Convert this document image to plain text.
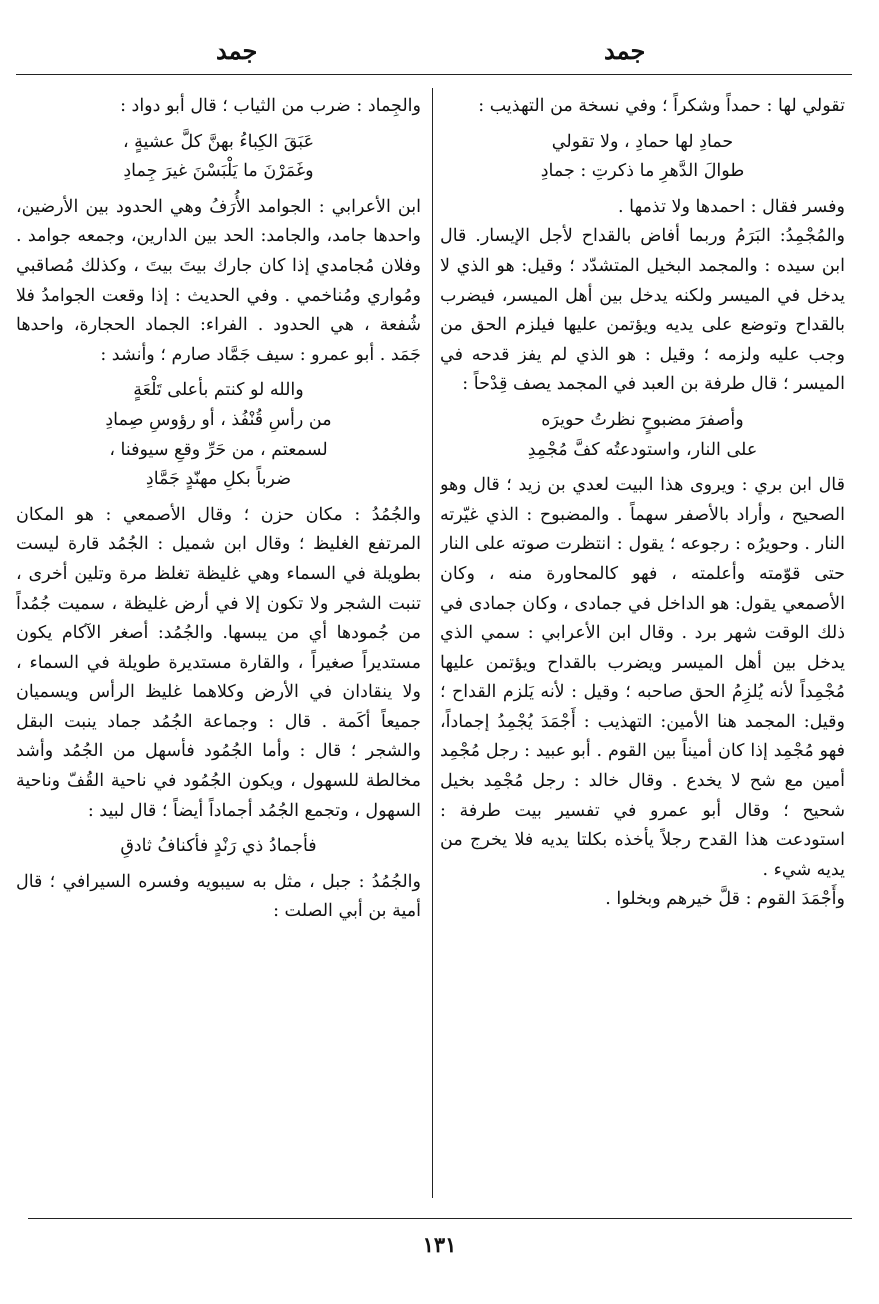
جمد
جمد

تقولي لها : حمداً وشكراً ؛ وفي نسخة من التهذيب :

حمادِ لها حمادِ ، ولا تقولي
طوالَ الدَّهرِ ما ذكرتِ : جمادِ

وفسر فقال : احمدها ولا تذمها .

والمُجْمِدُ: البَرَمُ وربما أفاض بالقداح لأجل الإيسار. قال ابن سيده : والمجمد البخيل المتشدّد ؛ وقيل: هو الذي لا يدخل في الميسر ولكنه يدخل بين أهل الميسر، فيضرب بالقداح وتوضع على يديه ويؤتمن عليها فيلزم الحق من وجب عليه ولزمه ؛ وقيل : هو الذي لم يفز قدحه في الميسر ؛ قال طرفة بن العبد في المجمد يصف قِدْحاً :

وأصفرَ مضبوحٍ نظرتُ حويرَه
على النار، واستودعتُه كفَّ مُجْمِدِ

قال ابن بري : ويروى هذا البيت لعدي بن زيد ؛ قال وهو الصحيح ، وأراد بالأصفر سهماً . والمضبوح : الذي غيّرته النار . وحويرُه : رجوعه ؛ يقول : انتظرت صوته على النار حتى قوّمته وأعلمته ، فهو كالمحاورة منه ، وكان الأصمعي يقول: هو الداخل في جمادى ، وكان جمادى في ذلك الوقت شهر برد . وقال ابن الأعرابي : سمي الذي يدخل بين أهل الميسر ويضرب بالقداح ويؤتمن عليها مُجْمِداً لأنه يُلزِمُ الحق صاحبه ؛ وقيل : لأنه يَلزم القداح ؛ وقيل: المجمد هنا الأمين: التهذيب : أَجْمَدَ يُجْمِدُ إجماداً، فهو مُجْمِد إذا كان أميناً بين القوم . أبو عبيد : رجل مُجْمِد أمين مع شح لا يخدع . وقال خالد : رجل مُجْمِد بخيل شحيح ؛ وقال أبو عمرو في تفسير بيت طرفة : استودعت هذا القدح رجلاً يأخذه بكلتا يديه فلا يخرج من يديه شيء .

وأَجْمَدَ القوم : قلَّ خيرهم وبخلوا .

والجِماد : ضرب من الثياب ؛ قال أبو دواد :

عَبَقَ الكِباءُ بهنَّ كلَّ عشيةٍ ،
وغَمَرْنَ ما يَلْبَسْنَ غيرَ جِمادِ

ابن الأعرابي : الجوامد الأُرَفُ وهي الحدود بين الأرضين، واحدها جامد، والجامد: الحد بين الدارين، وجمعه جوامد . وفلان مُجامدي إذا كان جارك بيتَ بيتَ ، وكذلك مُصاقبي ومُواري ومُناخمي . وفي الحديث : إذا وقعت الجوامدُ فلا شُفعة ، هي الحدود . الفراء: الجماد الحجارة، واحدها جَمَد . أبو عمرو : سيف جَمَّاد صارم ؛ وأنشد :

والله لو كنتم بأعلى تَلْعَةٍ
من رأسِ قُنْفُذ ، أو رؤوسِ صِمادِ
لسمعتم ، من حَرِّ وقعِ سيوفنا ،
ضرباً بكلِ مهنّدٍ جَمَّادِ

والجُمُدُ : مكان حزن ؛ وقال الأصمعي : هو المكان المرتفع الغليظ ؛ وقال ابن شميل : الجُمُد قارة ليست بطويلة في السماء وهي غليظة تغلظ مرة وتلين أخرى ، تنبت الشجر ولا تكون إلا في أرض غليظة ، سميت جُمُداً من جُمودها أي من يبسها. والجُمُد: أصغر الآكام يكون مستديراً صغيراً ، والقارة مستديرة طويلة في السماء ، ولا ينقادان في الأرض وكلاهما غليظ الرأس ويسميان جميعاً أكَمة . قال : وجماعة الجُمُد جماد ينبت البقل والشجر ؛ قال : وأما الجُمُود فأسهل من الجُمُد وأشد مخالطة للسهول ، ويكون الجُمُود في ناحية القُفّ وناحية السهول ، وتجمع الجُمُد أجماداً أيضاً ؛ قال لبيد :

فأجمادُ ذي رَنْدٍ فأكنافُ ثادقِ

والجُمُدُ : جبل ، مثل به سيبويه وفسره السيرافي ؛ قال أمية بن أبي الصلت :

١٣١
